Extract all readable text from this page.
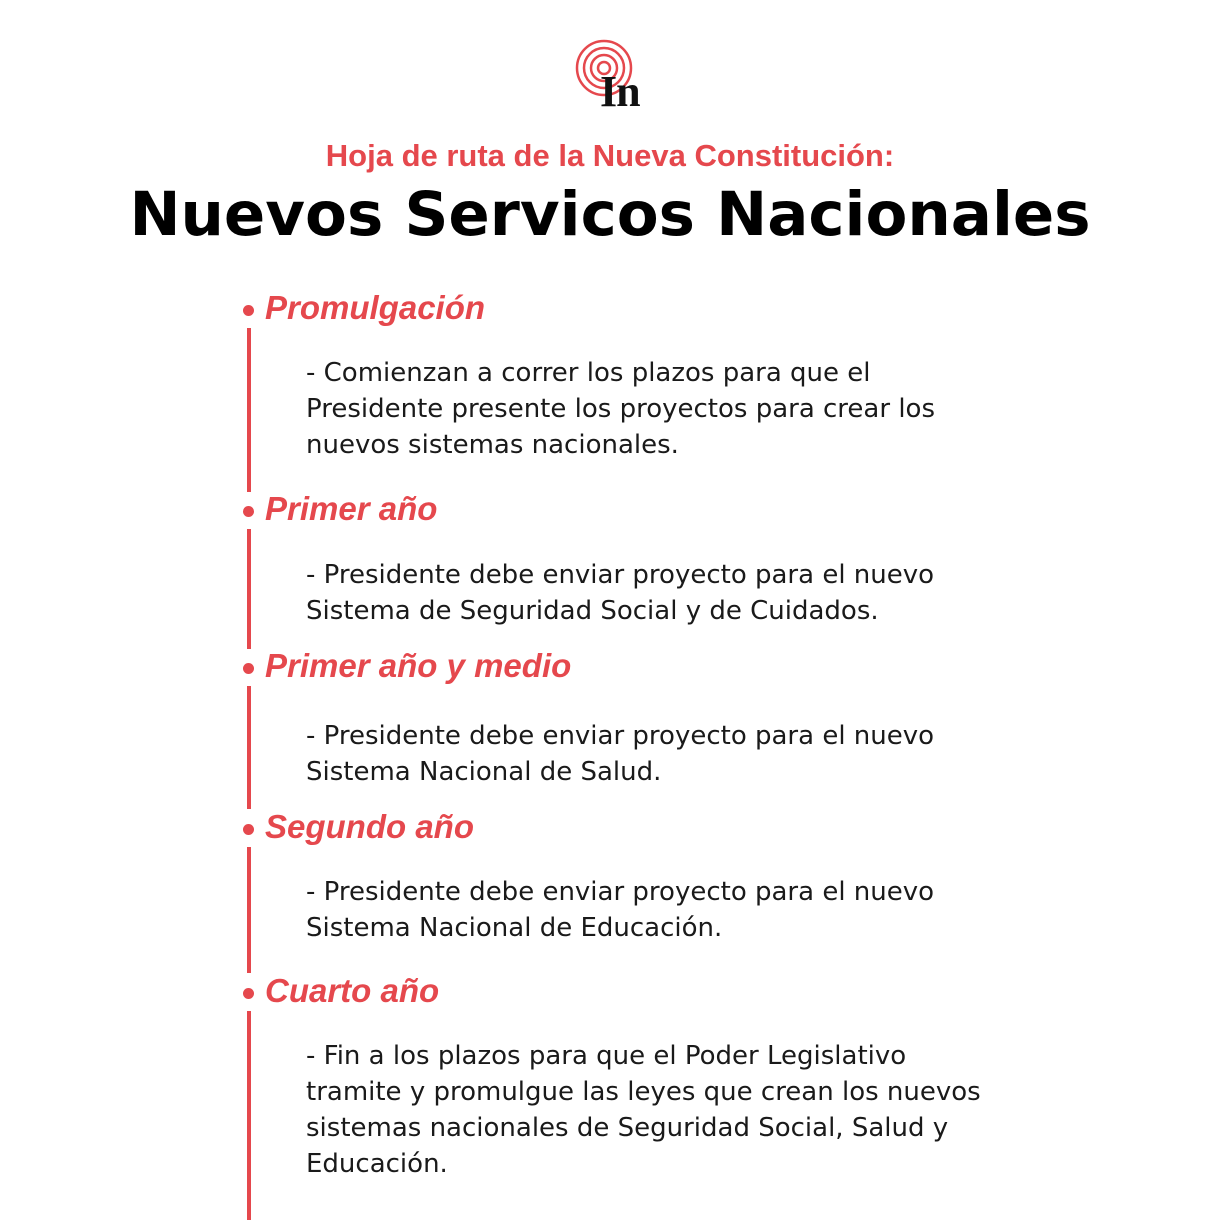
In
Hoja de ruta de la Nueva Constitución:
Nuevos Servicos Nacionales
Promulgación
- Comienzan a correr los plazos para que el Presidente presente los proyectos para crear los nuevos sistemas nacionales.
Primer año
- Presidente debe enviar proyecto para el nuevo Sistema de Seguridad Social y de Cuidados.
Primer año y medio
- Presidente debe enviar proyecto para el nuevo Sistema Nacional de Salud.
Segundo año
- Presidente debe enviar proyecto para el nuevo Sistema Nacional de Educación.
Cuarto año
- Fin a los plazos para que el Poder Legislativo tramite y promulgue las leyes que crean los nuevos sistemas nacionales de Seguridad Social, Salud y Educación.
